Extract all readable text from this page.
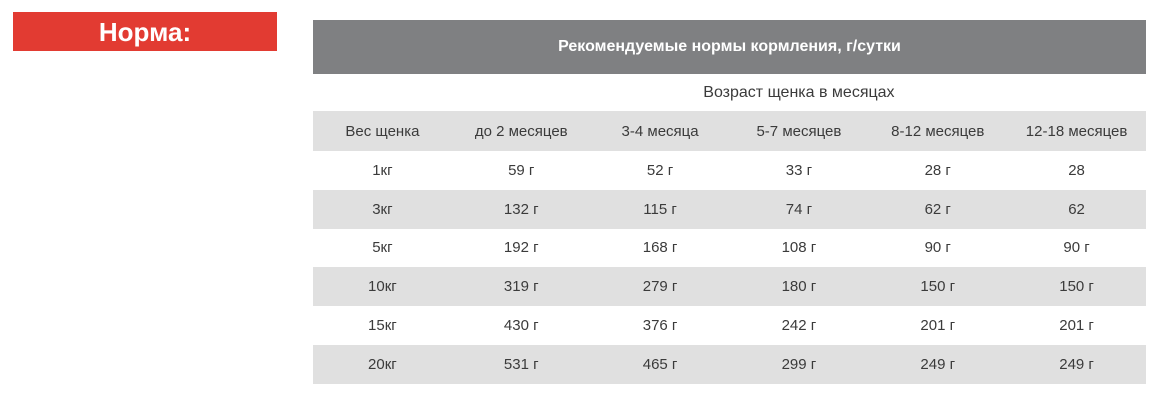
Норма:	Рекомендуемые нормы кормления, г/сутки
Возраст щенка в месяцах
Вес щенка	до 2 месяцев	3-4 месяца	5-7 месяцев	8-12 месяцев	12-18 месяцев
1кг	59 г	52 г	33 г	28 г	28
3кг	132 г	115 г	74 г	62 г	62
5кг	192 г	168 г	108 г	90 г	90 г
10кг	319 г	279 г	180 г	150 г	150 г
15кг	430 г	376 г	242 г	201 г	201 г
20кг	531 г	465 г	299 г	249 г	249 г
